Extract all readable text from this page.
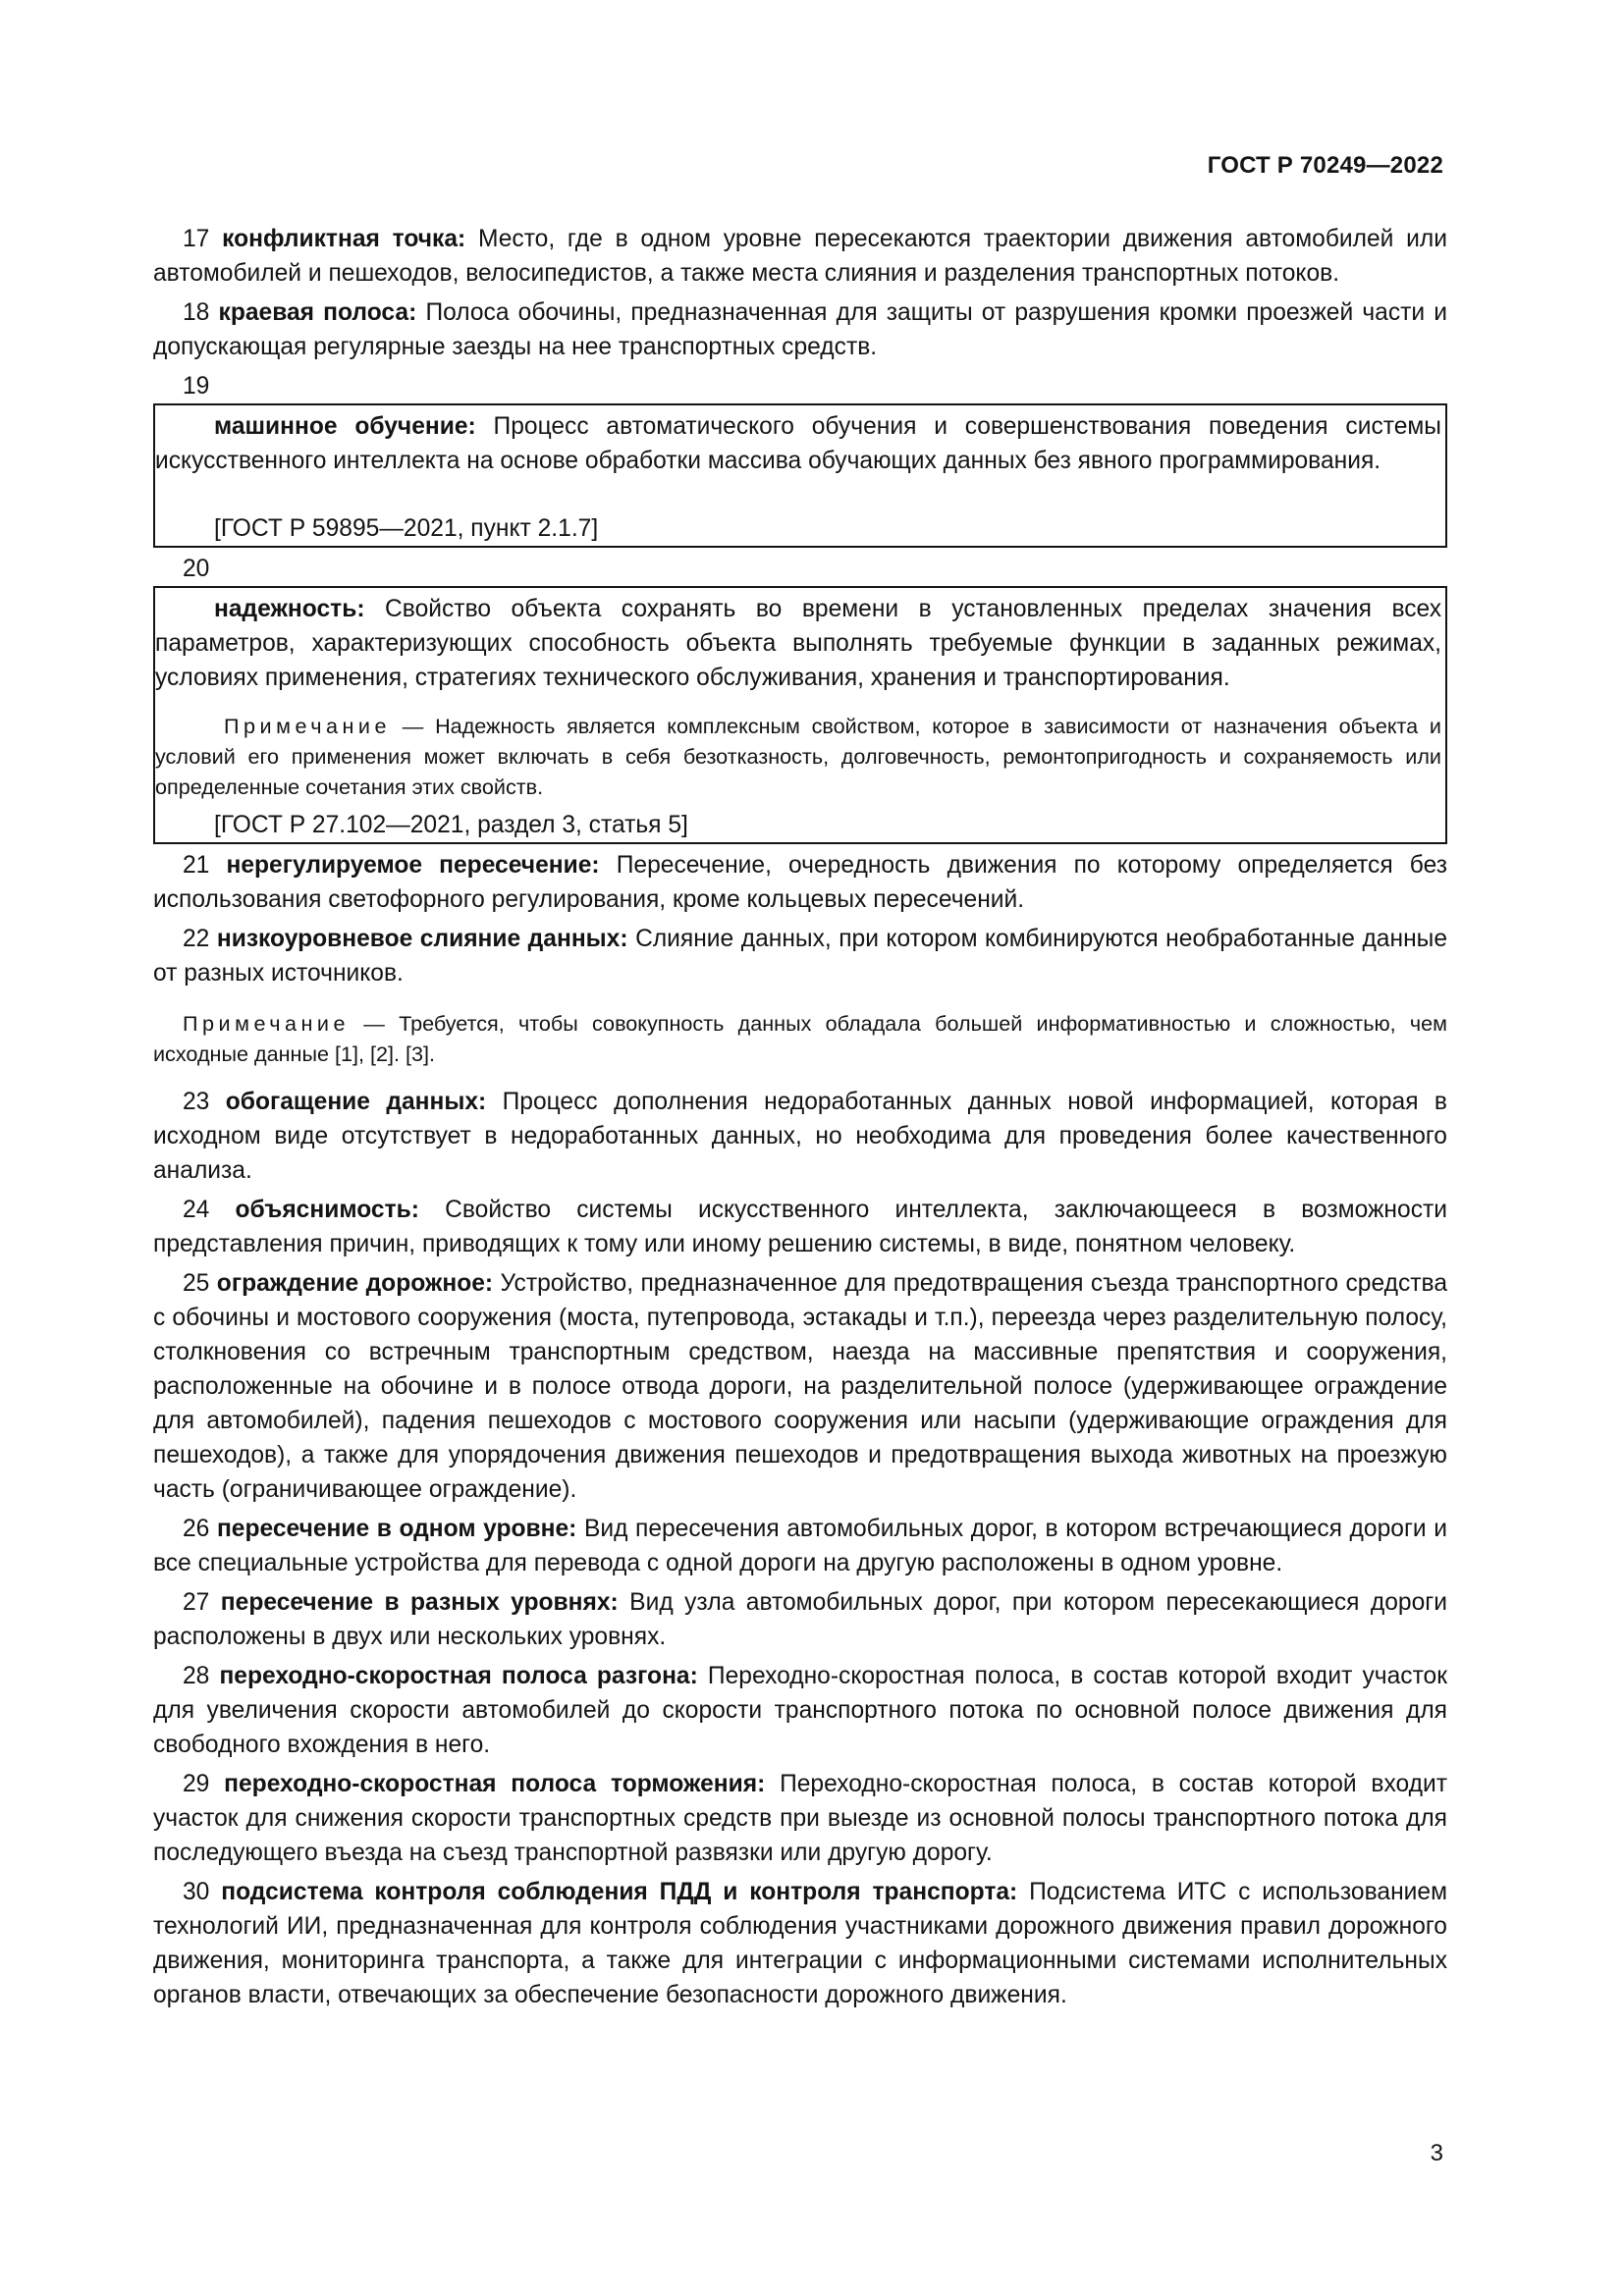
ГОСТ Р 70249—2022

17 конфликтная точка: Место, где в одном уровне пересекаются траектории движения автомобилей или автомобилей и пешеходов, велосипедистов, а также места слияния и разделения транспортных потоков.

18 краевая полоса: Полоса обочины, предназначенная для защиты от разрушения кромки проезжей части и допускающая регулярные заезды на нее транспортных средств.

19

машинное обучение: Процесс автоматического обучения и совершенствования поведения системы искусственного интеллекта на основе обработки массива обучающих данных без явного программирования.

[ГОСТ Р 59895—2021, пункт 2.1.7]

20

надежность: Свойство объекта сохранять во времени в установленных пределах значения всех параметров, характеризующих способность объекта выполнять требуемые функции в заданных режимах, условиях применения, стратегиях технического обслуживания, хранения и транспортирования.

Примечание — Надежность является комплексным свойством, которое в зависимости от назначения объекта и условий его применения может включать в себя безотказность, долговечность, ремонтопригодность и сохраняемость или определенные сочетания этих свойств.

[ГОСТ Р 27.102—2021, раздел 3, статья 5]

21 нерегулируемое пересечение: Пересечение, очередность движения по которому определяется без использования светофорного регулирования, кроме кольцевых пересечений.

22 низкоуровневое слияние данных: Слияние данных, при котором комбинируются необработанные данные от разных источников.

Примечание — Требуется, чтобы совокупность данных обладала большей информативностью и сложностью, чем исходные данные [1], [2]. [3].

23 обогащение данных: Процесс дополнения недоработанных данных новой информацией, которая в исходном виде отсутствует в недоработанных данных, но необходима для проведения более качественного анализа.

24 объяснимость: Свойство системы искусственного интеллекта, заключающееся в возможности представления причин, приводящих к тому или иному решению системы, в виде, понятном человеку.

25 ограждение дорожное: Устройство, предназначенное для предотвращения съезда транспортного средства с обочины и мостового сооружения (моста, путепровода, эстакады и т.п.), переезда через разделительную полосу, столкновения со встречным транспортным средством, наезда на массивные препятствия и сооружения, расположенные на обочине и в полосе отвода дороги, на разделительной полосе (удерживающее ограждение для автомобилей), падения пешеходов с мостового сооружения или насыпи (удерживающие ограждения для пешеходов), а также для упорядочения движения пешеходов и предотвращения выхода животных на проезжую часть (ограничивающее ограждение).

26 пересечение в одном уровне: Вид пересечения автомобильных дорог, в котором встречающиеся дороги и все специальные устройства для перевода с одной дороги на другую расположены в одном уровне.

27 пересечение в разных уровнях: Вид узла автомобильных дорог, при котором пересекающиеся дороги расположены в двух или нескольких уровнях.

28 переходно-скоростная полоса разгона: Переходно-скоростная полоса, в состав которой входит участок для увеличения скорости автомобилей до скорости транспортного потока по основной полосе движения для свободного вхождения в него.

29 переходно-скоростная полоса торможения: Переходно-скоростная полоса, в состав которой входит участок для снижения скорости транспортных средств при выезде из основной полосы транспортного потока для последующего въезда на съезд транспортной развязки или другую дорогу.

30 подсистема контроля соблюдения ПДД и контроля транспорта: Подсистема ИТС с использованием технологий ИИ, предназначенная для контроля соблюдения участниками дорожного движения правил дорожного движения, мониторинга транспорта, а также для интеграции с информационными системами исполнительных органов власти, отвечающих за обеспечение безопасности дорожного движения.

3
